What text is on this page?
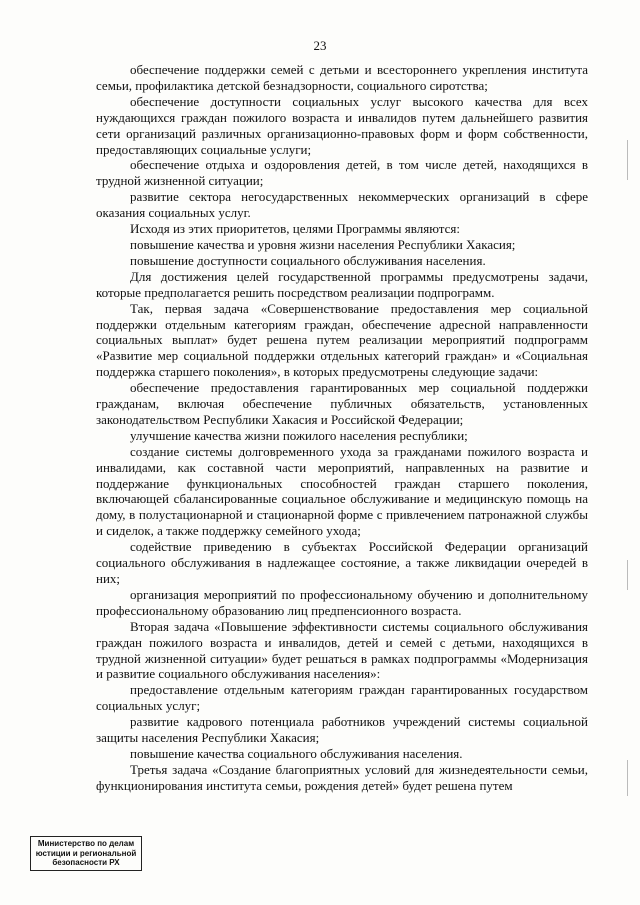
23

обеспечение поддержки семей с детьми и всестороннего укрепления института семьи, профилактика детской безнадзорности, социального сиротства;

обеспечение доступности социальных услуг высокого качества для всех нуждающихся граждан пожилого возраста и инвалидов путем дальнейшего развития сети организаций различных организационно-правовых форм и форм собственности, предоставляющих социальные услуги;

обеспечение отдыха и оздоровления детей, в том числе детей, находящихся в трудной жизненной ситуации;

развитие сектора негосударственных некоммерческих организаций в сфере оказания социальных услуг.

Исходя из этих приоритетов, целями Программы являются:

повышение качества и уровня жизни населения Республики Хакасия;

повышение доступности социального обслуживания населения.

Для достижения целей государственной программы предусмотрены задачи, которые предполагается решить посредством реализации подпрограмм.

Так, первая задача «Совершенствование предоставления мер социальной поддержки отдельным категориям граждан, обеспечение адресной направленности социальных выплат» будет решена путем реализации мероприятий подпрограмм «Развитие мер социальной поддержки отдельных категорий граждан» и «Социальная поддержка старшего поколения», в которых предусмотрены следующие задачи:

обеспечение предоставления гарантированных мер социальной поддержки гражданам, включая обеспечение публичных обязательств, установленных законодательством Республики Хакасия и Российской Федерации;

улучшение качества жизни пожилого населения республики;

создание системы долговременного ухода за гражданами пожилого возраста и инвалидами, как составной части мероприятий, направленных на развитие и поддержание функциональных способностей граждан старшего поколения, включающей сбалансированные социальное обслуживание и медицинскую помощь на дому, в полустационарной и стационарной форме с привлечением патронажной службы и сиделок, а также поддержку семейного ухода;

содействие приведению в субъектах Российской Федерации организаций социального обслуживания в надлежащее состояние, а также ликвидации очередей в них;

организация мероприятий по профессиональному обучению и дополнительному профессиональному образованию лиц предпенсионного возраста.

Вторая задача «Повышение эффективности системы социального обслуживания граждан пожилого возраста и инвалидов, детей и семей с детьми, находящихся в трудной жизненной ситуации» будет решаться в рамках подпрограммы «Модернизация и развитие социального обслуживания населения»:

предоставление отдельным категориям граждан гарантированных государством социальных услуг;

развитие кадрового потенциала работников учреждений системы социальной защиты населения Республики Хакасия;

повышение качества социального обслуживания населения.

Третья задача «Создание благоприятных условий для жизнедеятельности семьи, функционирования института семьи, рождения детей» будет решена путем

Министерство по делам
юстиции и региональной
безопасности РХ
